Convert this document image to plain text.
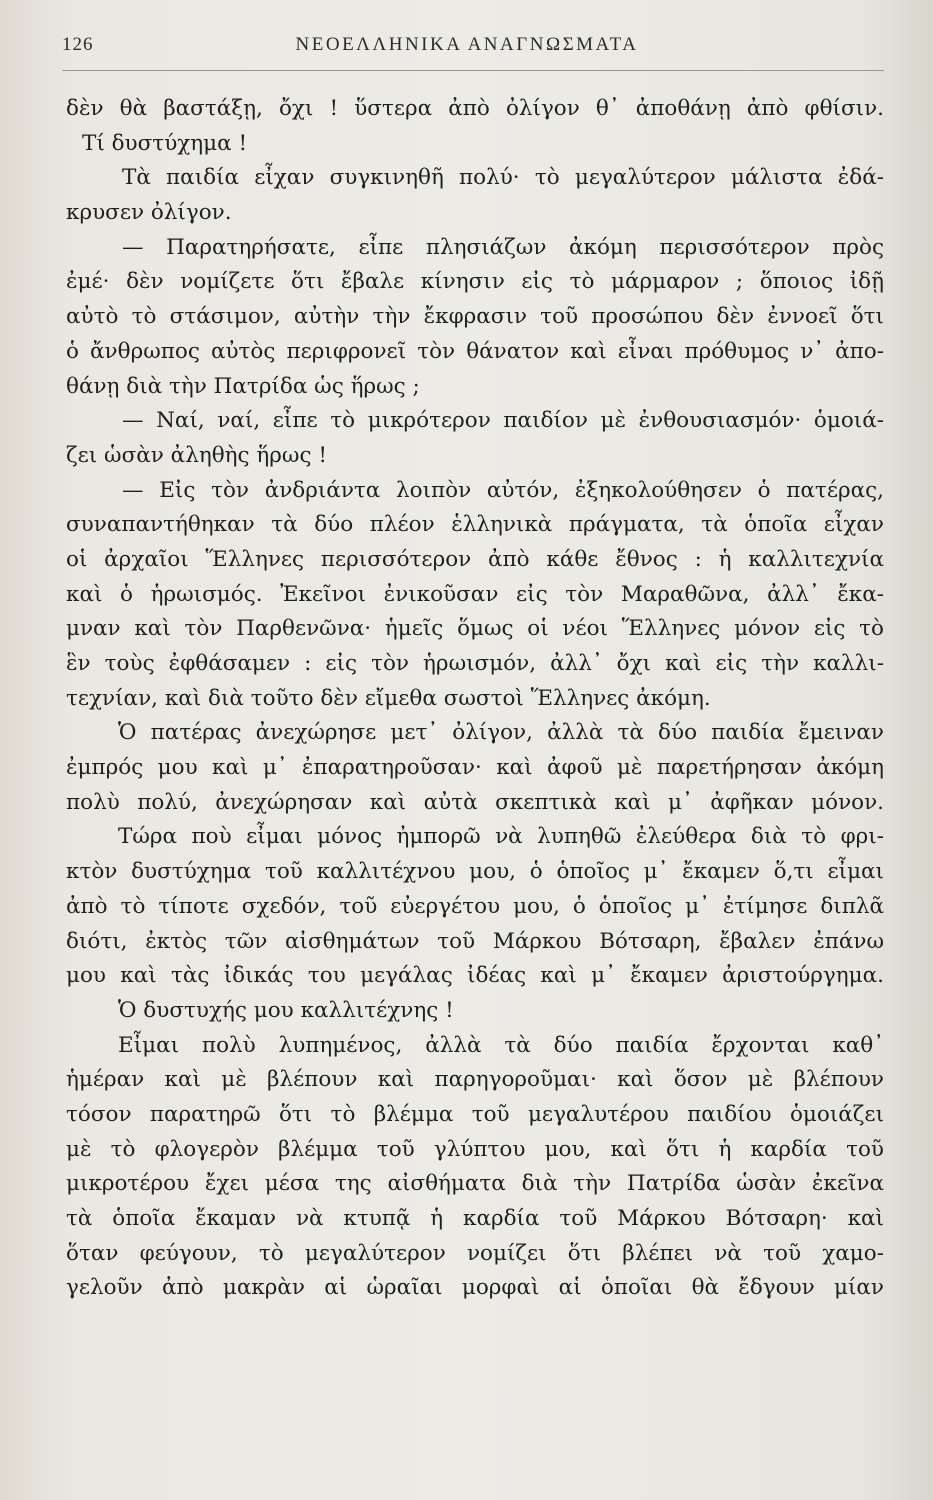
126	ΝΕΟΕΛΛΗΝΙΚΑ ΑΝΑΓΝΩΣΜΑΤΑ
δὲν θὰ βαστάξῃ, ὄχι ! ὕστερα ἀπὸ ὀλίγον θ᾿ ἀποθάνῃ ἀπὸ φθίσιν.
Τί δυστύχημα !
Τὰ παιδία εἶχαν συγκινηθῆ πολύ· τὸ μεγαλύτερον μάλιστα ἐδά-
κρυσεν ὀλίγον.
— Παρατηρήσατε, εἶπε πλησιάζων ἀκόμη περισσότερον πρὸς
ἐμέ· δὲν νομίζετε ὅτι ἔβαλε κίνησιν εἰς τὸ μάρμαρον ; ὅποιος ἰδῇ
αὐτὸ τὸ στάσιμον, αὐτὴν τὴν ἔκφρασιν τοῦ προσώπου δὲν ἐννοεῖ ὅτι
ὁ ἄνθρωπος αὐτὸς περιφρονεῖ τὸν θάνατον καὶ εἶναι πρόθυμος ν᾿ ἀπο-
θάνῃ διὰ τὴν Πατρίδα ὡς ἥρως ;
— Ναί, ναί, εἶπε τὸ μικρότερον παιδίον μὲ ἐνθουσιασμόν· ὁμοιά-
ζει ὡσὰν ἀληθὴς ἥρως !
— Εἰς τὸν ἀνδριάντα λοιπὸν αὐτόν, ἐξηκολούθησεν ὁ πατέρας,
συναπαντήθηκαν τὰ δύο πλέον ἑλληνικὰ πράγματα, τὰ ὁποῖα εἶχαν
οἱ ἀρχαῖοι Ἕλληνες περισσότερον ἀπὸ κάθε ἔθνος : ἡ καλλιτεχνία
καὶ ὁ ἡρωισμός. Ἐκεῖνοι ἐνικοῦσαν εἰς τὸν Μαραθῶνα, ἀλλ᾿ ἔκα-
μναν καὶ τὸν Παρθενῶνα· ἡμεῖς ὅμως οἱ νέοι Ἕλληνες μόνον εἰς τὸ
ἓν τοὺς ἐφθάσαμεν : εἰς τὸν ἡρωισμόν, ἀλλ᾿ ὄχι καὶ εἰς τὴν καλλι-
τεχνίαν, καὶ διὰ τοῦτο δὲν εἴμεθα σωστοὶ Ἕλληνες ἀκόμη.
Ὁ πατέρας ἀνεχώρησε μετ᾿ ὀλίγον, ἀλλὰ τὰ δύο παιδία ἔμειναν
ἐμπρός μου καὶ μ᾿ ἐπαρατηροῦσαν· καὶ ἀφοῦ μὲ παρετήρησαν ἀκόμη
πολὺ πολύ, ἀνεχώρησαν καὶ αὐτὰ σκεπτικὰ καὶ μ᾿ ἀφῆκαν μόνον.
Τώρα ποὺ εἶμαι μόνος ἠμπορῶ νὰ λυπηθῶ ἐλεύθερα διὰ τὸ φρι-
κτὸν δυστύχημα τοῦ καλλιτέχνου μου, ὁ ὁποῖος μ᾿ ἔκαμεν ὅ,τι εἶμαι
ἀπὸ τὸ τίποτε σχεδόν, τοῦ εὐεργέτου μου, ὁ ὁποῖος μ᾿ ἐτίμησε διπλᾶ
διότι, ἐκτὸς τῶν αἰσθημάτων τοῦ Μάρκου Βότσαρη, ἔβαλεν ἐπάνω
μου καὶ τὰς ἰδικάς του μεγάλας ἰδέας καὶ μ᾿ ἔκαμεν ἀριστούργημα.
Ὁ δυστυχής μου καλλιτέχνης !
Εἶμαι πολὺ λυπημένος, ἀλλὰ τὰ δύο παιδία ἔρχονται καθ᾿
ἡμέραν καὶ μὲ βλέπουν καὶ παρηγοροῦμαι· καὶ ὅσον μὲ βλέπουν
τόσον παρατηρῶ ὅτι τὸ βλέμμα τοῦ μεγαλυτέρου παιδίου ὁμοιάζει
μὲ τὸ φλογερὸν βλέμμα τοῦ γλύπτου μου, καὶ ὅτι ἡ καρδία τοῦ
μικροτέρου ἔχει μέσα της αἰσθήματα διὰ τὴν Πατρίδα ὡσὰν ἐκεῖνα
τὰ ὁποῖα ἔκαμαν νὰ κτυπᾷ ἡ καρδία τοῦ Μάρκου Βότσαρη· καὶ
ὅταν φεύγουν, τὸ μεγαλύτερον νομίζει ὅτι βλέπει νὰ τοῦ χαμο-
γελοῦν ἀπὸ μακρὰν αἱ ὡραῖαι μορφαὶ αἱ ὁποῖαι θὰ ἔδγουν μίαν
